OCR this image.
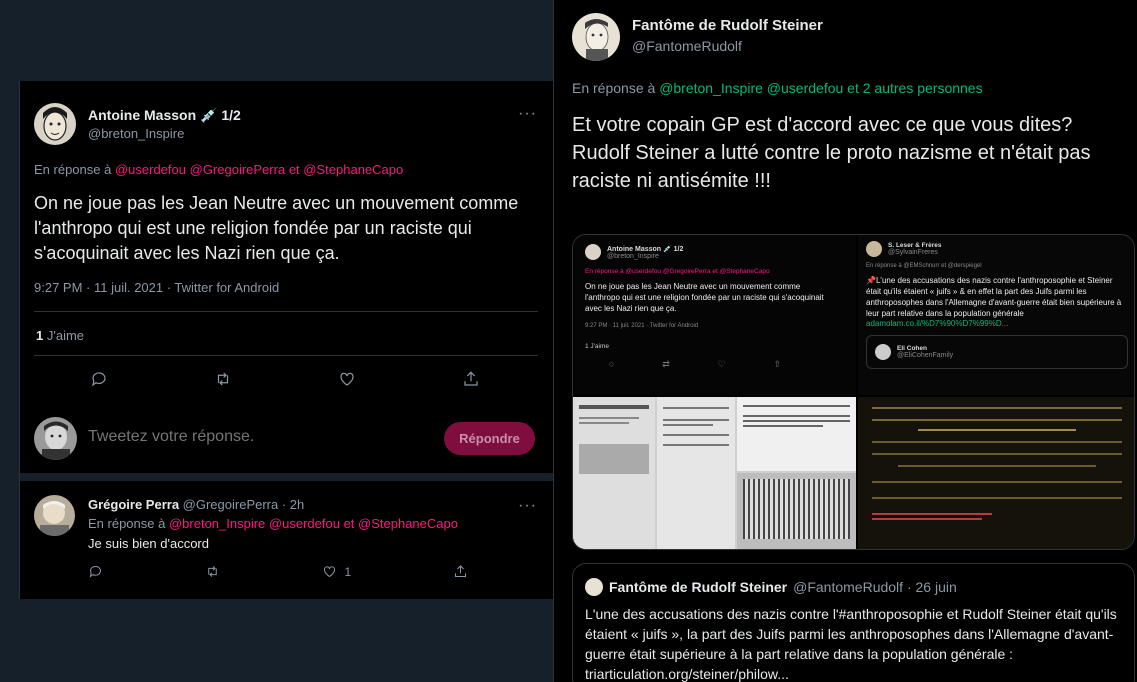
Antoine Masson 💉 1/2
@breton_Inspire
···
En réponse à @userdefou @GregoirePerra et @StephaneCapo
On ne joue pas les Jean Neutre avec un mouvement comme l'anthropo qui est une religion fondée par un raciste qui s'acoquinait avec les Nazi rien que ça.
9:27 PM · 11 juil. 2021 · Twitter for Android
1 J'aime
Tweetez votre réponse.
Répondre
Grégoire Perra @GregoirePerra · 2h	···
En réponse à @breton_Inspire @userdefou et @StephaneCapo
Je suis bien d'accord
1
Fantôme de Rudolf Steiner
@FantomeRudolf
En réponse à @breton_Inspire @userdefou et 2 autres personnes
Et votre copain GP est d'accord avec ce que vous dites?
Rudolf Steiner a lutté contre le proto nazisme et n'était pas raciste ni antisémite !!!
Antoine Masson 💉 1/2
@breton_Inspire
En réponse à @userdefou @GregoirePerra et @StephaneCapo
On ne joue pas les Jean Neutre avec un mouvement comme l'anthropo qui est une religion fondée par un raciste qui s'acoquinait avec les Nazi rien que ça.
9:27 PM · 11 juil. 2021 · Twitter for Android
1 J'aime
○	⇄	♡	⇧
S. Leser & Frères
@SylvainFreres
En réponse à @EMSchnurr et @derspiegel
📌L'une des accusations des nazis contre l'anthroposophie et Steiner était qu'ils étaient « juifs » & en effet la part des Juifs parmi les anthroposophes dans l'Allemagne d'avant-guerre était bien supérieure à leur part relative dans la population générale
adamolam.co.il/%D7%90%D7%99%D...
Eli Cohen
@EliCohenFamily
Fantôme de Rudolf Steiner @FantomeRudolf · 26 juin
L'une des accusations des nazis contre l'#anthroposophie et Rudolf Steiner était qu'ils étaient « juifs », la part des Juifs parmi les anthroposophes dans l'Allemagne d'avant-guerre était supérieure à la part relative dans la population générale : triarticulation.org/steiner/philow...
